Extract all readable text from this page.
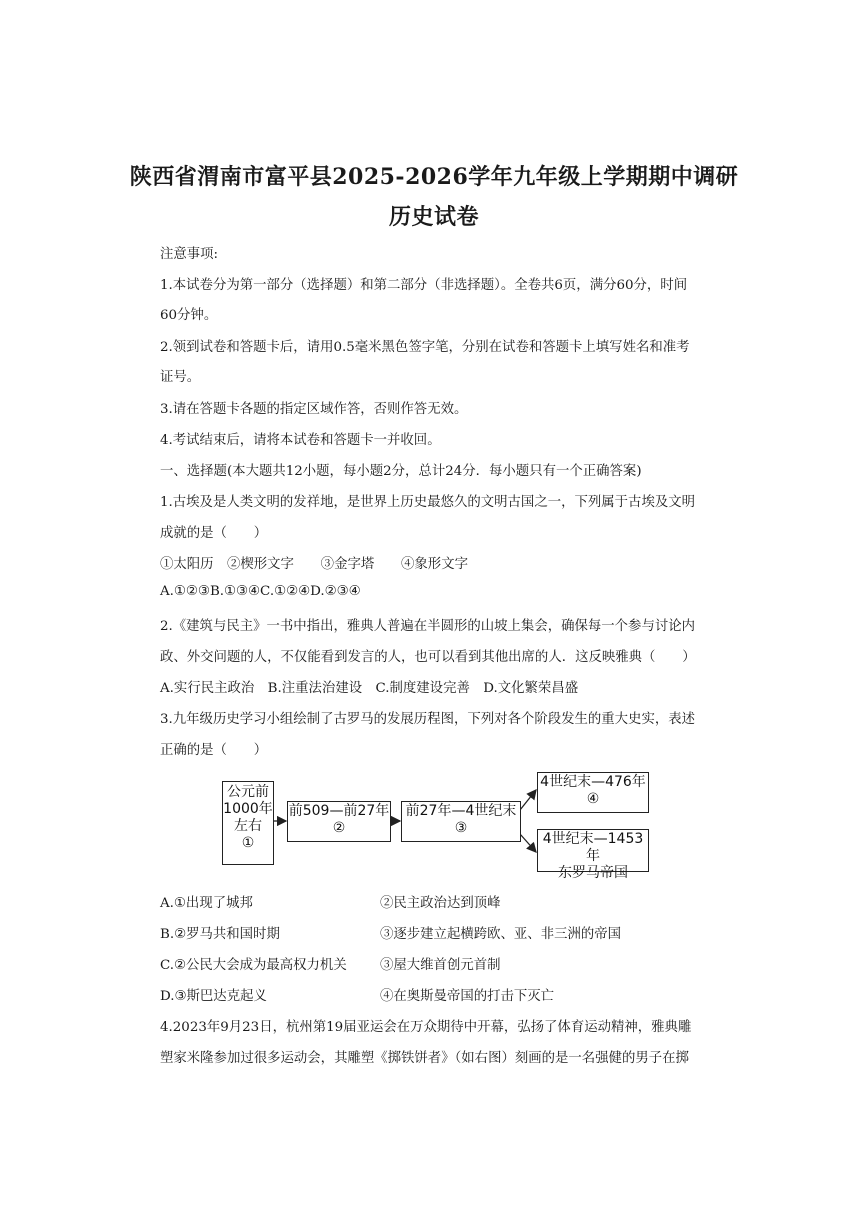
陕西省渭南市富平县2025-2026学年九年级上学期期中调研
历史试卷
注意事项:
1.本试卷分为第一部分（选择题）和第二部分（非选择题）。全卷共6页，满分60分，时间
60分钟。
2.领到试卷和答题卡后，请用0.5毫米黑色签字笔，分别在试卷和答题卡上填写姓名和准考
证号。
3.请在答题卡各题的指定区域作答，否则作答无效。
4.考试结束后，请将本试卷和答题卡一并收回。
一、选择题(本大题共12小题，每小题2分，总计24分．每小题只有一个正确答案)
1.古埃及是人类文明的发祥地，是世界上历史最悠久的文明古国之一，下列属于古埃及文明
成就的是（　　）
①太阳历　②楔形文字　　③金字塔　　④象形文字
A.①②③B.①③④C.①②④D.②③④
2.《建筑与民主》一书中指出，雅典人普遍在半圆形的山坡上集会，确保每一个参与讨论内
政、外交问题的人，不仅能看到发言的人，也可以看到其他出席的人．这反映雅典（　　）
A.实行民主政治　B.注重法治建设　C.制度建设完善　D.文化繁荣昌盛
3.九年级历史学习小组绘制了古罗马的发展历程图，下列对各个阶段发生的重大史实，表述
正确的是（　　）
公元前
1000年
左右
①
前509—前27年
②
前27年—4世纪末
③
4世纪末—476年
④
4世纪末—1453年
东罗马帝国
A.①出现了城邦	②民主政治达到顶峰
B.②罗马共和国时期	③逐步建立起横跨欧、亚、非三洲的帝国
C.②公民大会成为最高权力机关 ③屋大维首创元首制
D.③斯巴达克起义	④在奥斯曼帝国的打击下灭亡
4.2023年9月23日，杭州第19届亚运会在万众期待中开幕，弘扬了体育运动精神，雅典雕
塑家米隆参加过很多运动会，其雕塑《掷铁饼者》（如右图）刻画的是一名强健的男子在掷
